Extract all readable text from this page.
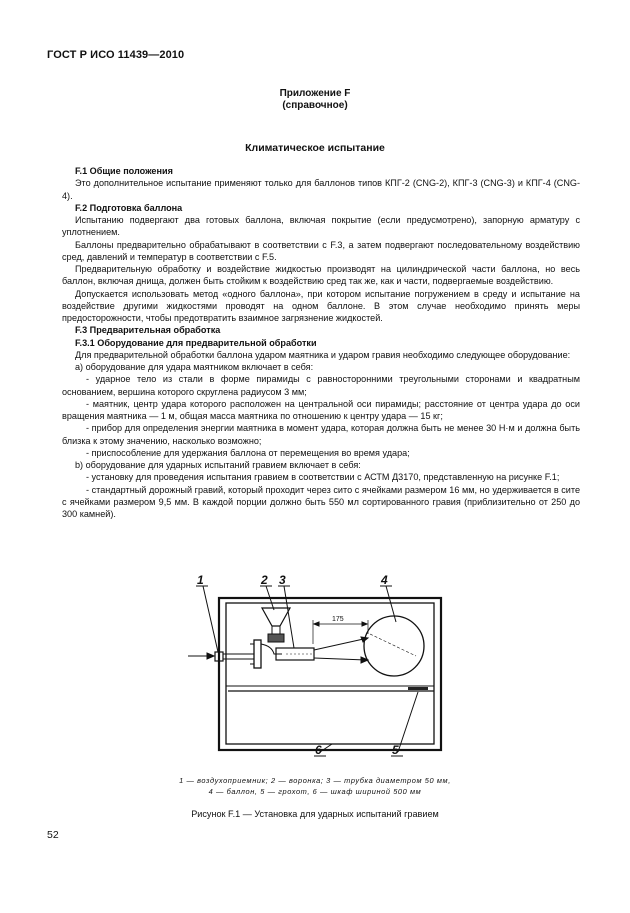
ГОСТ Р ИСО 11439—2010
Приложение F
(справочное)
Климатическое испытание

F.1 Общие положения

Это дополнительное испытание применяют только для баллонов типов КПГ-2 (CNG-2), КПГ-3 (CNG-3) и КПГ-4 (CNG-4).

F.2 Подготовка баллона

Испытанию подвергают два готовых баллона, включая покрытие (если предусмотрено), запорную арматуру с уплотнением.

Баллоны предварительно обрабатывают в соответствии с F.3, а затем подвергают последовательному воздействию сред, давлений и температур в соответствии с F.5.

Предварительную обработку и воздействие жидкостью производят на цилиндрической части баллона, но весь баллон, включая днища, должен быть стойким к воздействию сред так же, как и части, подвергаемые воздействию.

Допускается использовать метод «одного баллона», при котором испытание погружением в среду и испытание на воздействие другими жидкостями проводят на одном баллоне. В этом случае необходимо принять меры предосторожности, чтобы предотвратить взаимное загрязнение жидкостей.

F.3 Предварительная обработка

F.3.1 Оборудование для предварительной обработки

Для предварительной обработки баллона ударом маятника и ударом гравия необходимо следующее оборудование:

а) оборудование для удара маятником включает в себя:

- ударное тело из стали в форме пирамиды с равносторонними треугольными сторонами и квадратным основанием, вершина которого скруглена радиусом 3 мм;

- маятник, центр удара которого расположен на центральной оси пирамиды; расстояние от центра удара до оси вращения маятника — 1 м, общая масса маятника по отношению к центру удара — 15 кг;

- прибор для определения энергии маятника в момент удара, которая должна быть не менее 30 Н·м и должна быть близка к этому значению, насколько возможно;

- приспособление для удержания баллона от перемещения во время удара;

b) оборудование для ударных испытаний гравием включает в себя:

- установку для проведения испытания гравием в соответствии с АСТМ Д3170, представленную на рисунке F.1;

- стандартный дорожный гравий, который проходит через сито с ячейками размером 16 мм, но удерживается в сите с ячейками размером 9,5 мм. В каждой порции должно быть 550 мл сортированного гравия (приблизительно от 250 до 300 камней).

1	2 3	4
5
6
175
1 — воздухоприемник; 2 — воронка; 3 — трубка диаметром 50 мм,
4 — баллон, 5 — грохот, 6 — шкаф шириной 500 мм
Рисунок F.1 — Установка для ударных испытаний гравием
52
